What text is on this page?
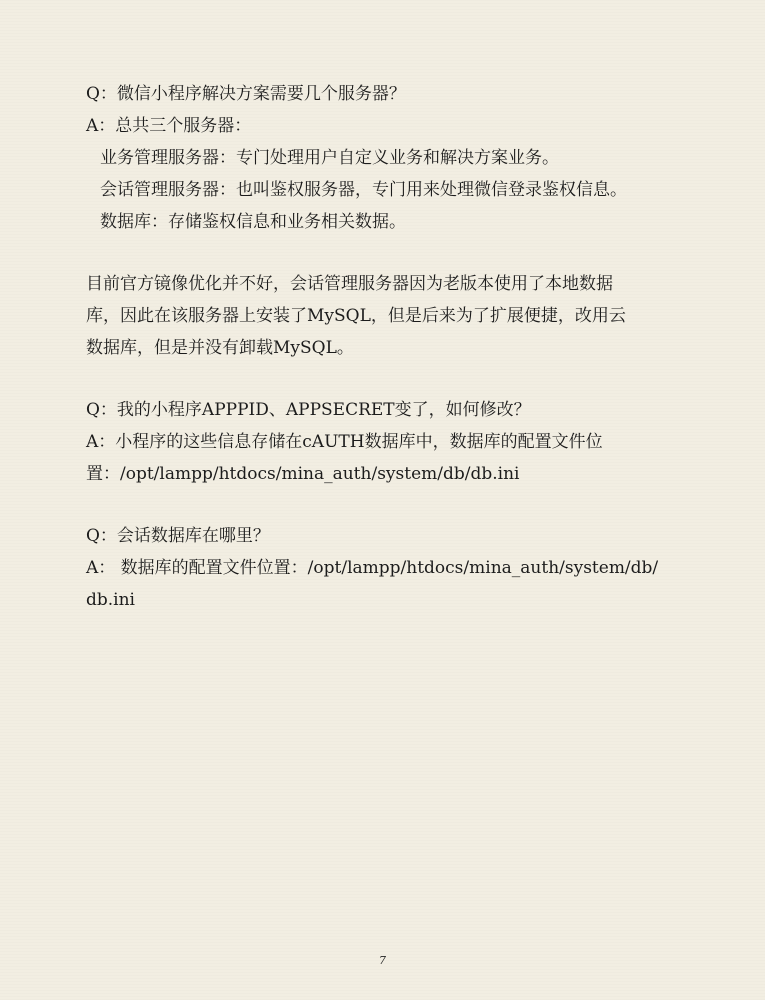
Q：微信小程序解决方案需要几个服务器？
A：总共三个服务器：
业务管理服务器：专门处理用户自定义业务和解决方案业务。
会话管理服务器：也叫鉴权服务器，专门用来处理微信登录鉴权信息。
数据库：存储鉴权信息和业务相关数据。
目前官方镜像优化并不好，会话管理服务器因为老版本使用了本地数据
库，因此在该服务器上安装了MySQL，但是后来为了扩展便捷，改用云
数据库，但是并没有卸载MySQL。
Q：我的小程序APPPID、APPSECRET变了，如何修改？
A：小程序的这些信息存储在cAUTH数据库中，数据库的配置文件位
置：/opt/lampp/htdocs/mina_auth/system/db/db.ini
Q：会话数据库在哪里？
A： 数据库的配置文件位置：/opt/lampp/htdocs/mina_auth/system/db/
db.ini
7
